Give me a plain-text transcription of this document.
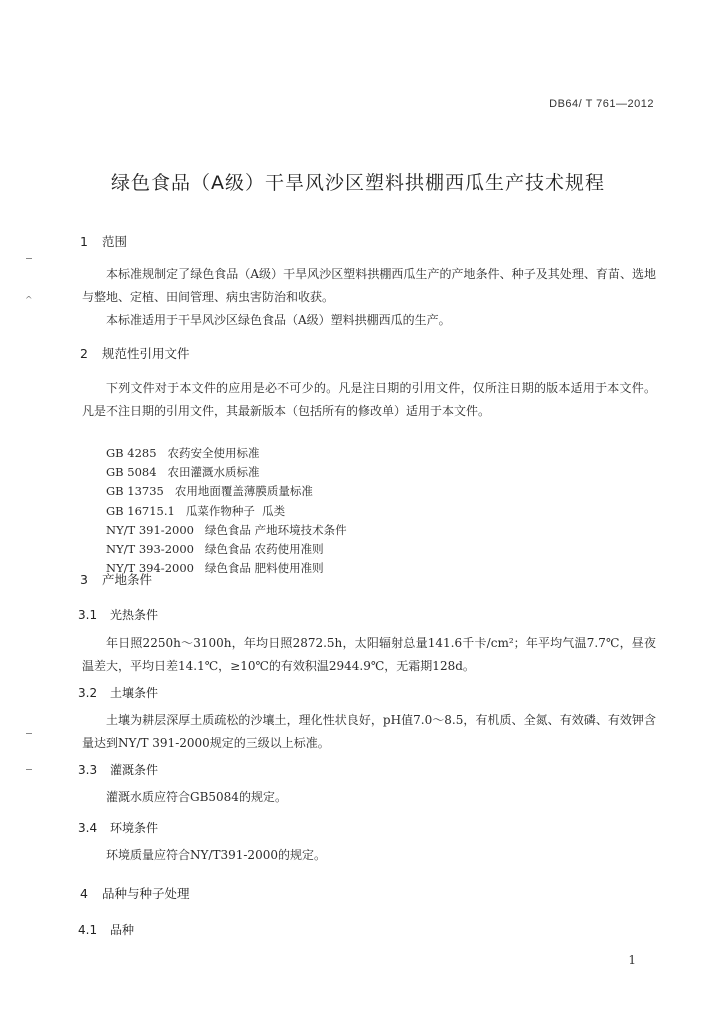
DB64/ T 761—2012
绿色食品（A级）干旱风沙区塑料拱棚西瓜生产技术规程
1 范围
本标准规制定了绿色食品（A级）干旱风沙区塑料拱棚西瓜生产的产地条件、种子及其处理、育苗、选地与整地、定植、田间管理、病虫害防治和收获。
本标准适用于干旱风沙区绿色食品（A级）塑料拱棚西瓜的生产。
2 规范性引用文件
下列文件对于本文件的应用是必不可少的。凡是注日期的引用文件，仅所注日期的版本适用于本文件。凡是不注日期的引用文件，其最新版本（包括所有的修改单）适用于本文件。
GB 4285   农药安全使用标准
GB 5084   农田灌溉水质标准
GB 13735   农用地面覆盖薄膜质量标准
GB 16715.1   瓜菜作物种子  瓜类
NY/T 391-2000   绿色食品 产地环境技术条件
NY/T 393-2000   绿色食品 农药使用准则
NY/T 394-2000   绿色食品 肥料使用准则
3 产地条件
3.1 光热条件
年日照2250h～3100h，年均日照2872.5h，太阳辐射总量141.6千卡/cm²；年平均气温7.7℃，昼夜温差大，平均日差14.1℃，≥10℃的有效积温2944.9℃，无霜期128d。
3.2 土壤条件
土壤为耕层深厚土质疏松的沙壤土，理化性状良好，pH值7.0～8.5，有机质、全氮、有效磷、有效钾含量达到NY/T 391-2000规定的三级以上标准。
3.3 灌溉条件
灌溉水质应符合GB5084的规定。
3.4 环境条件
环境质量应符合NY/T391-2000的规定。
4 品种与种子处理
4.1 品种
1
^
